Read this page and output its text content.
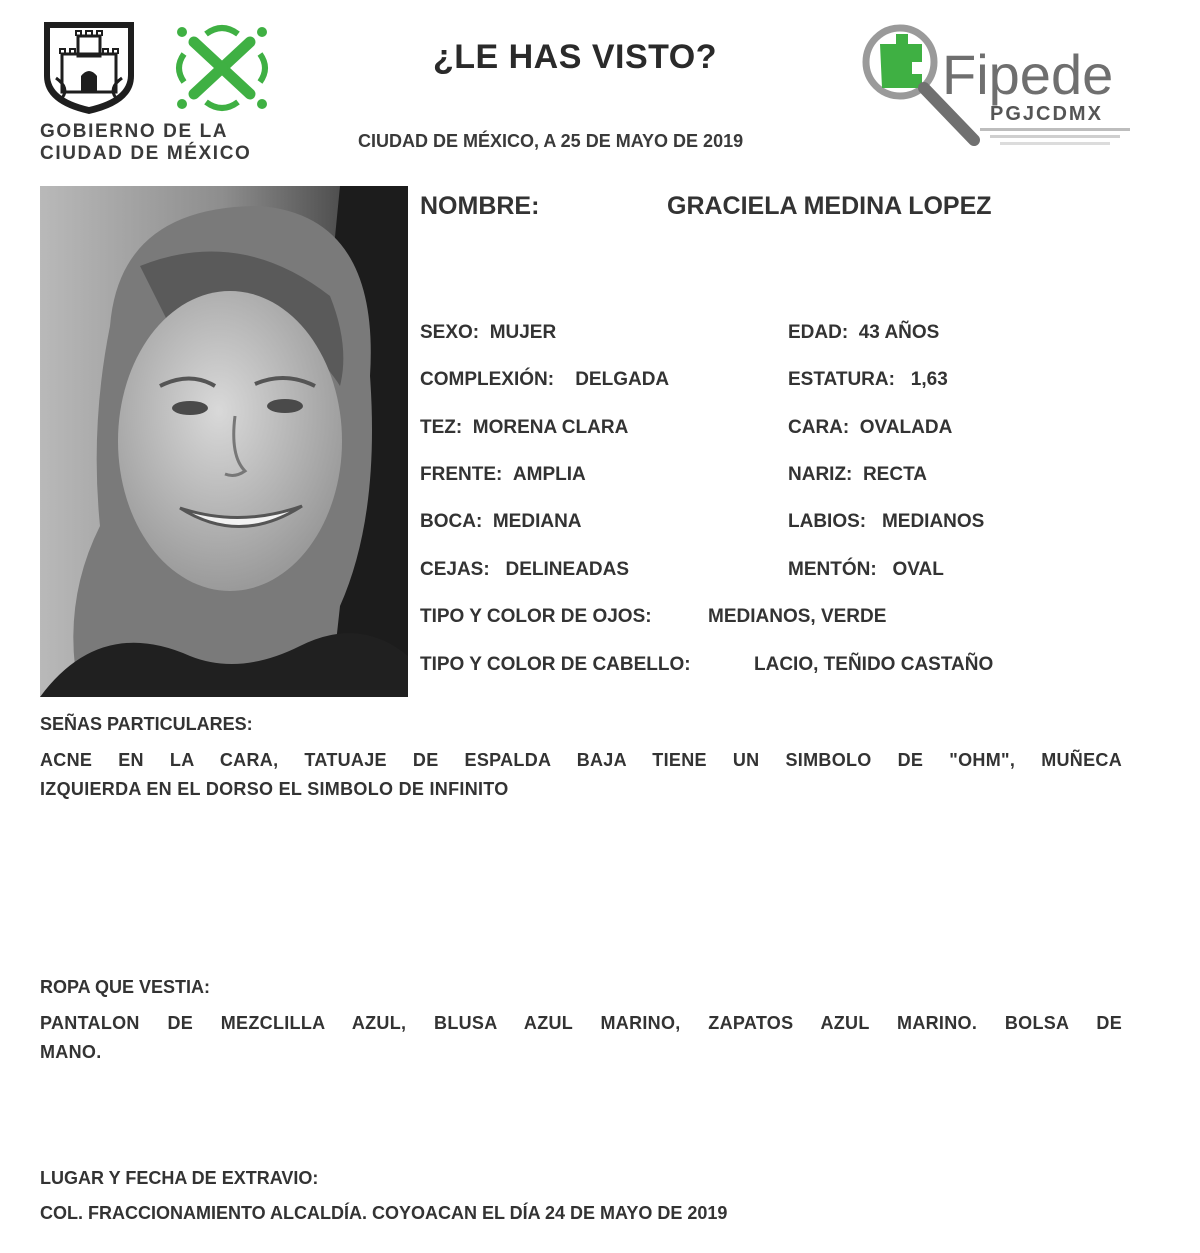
GOBIERNO DE LA
CIUDAD DE MÉXICO
¿LE HAS VISTO?
CIUDAD DE MÉXICO, A 25 DE MAYO DE 2019
Fipede
PGJCDMX
NOMBRE:	GRACIELA MEDINA LOPEZ
SEXO: MUJER	EDAD: 43 AÑOS
COMPLEXIÓN: DELGADA	ESTATURA: 1,63
TEZ: MORENA CLARA	CARA: OVALADA
FRENTE: AMPLIA	NARIZ: RECTA
BOCA: MEDIANA	LABIOS: MEDIANOS
CEJAS: DELINEADAS	MENTÓN: OVAL
TIPO Y COLOR DE OJOS:	MEDIANOS, VERDE
TIPO Y COLOR DE CABELLO:	LACIO, TEÑIDO CASTAÑO
SEÑAS PARTICULARES:
ACNE EN LA CARA, TATUAJE DE ESPALDA BAJA TIENE UN SIMBOLO DE "OHM", MUÑECA
IZQUIERDA EN EL DORSO EL SIMBOLO DE INFINITO
ROPA QUE VESTIA:
PANTALON DE MEZCLILLA AZUL, BLUSA AZUL MARINO, ZAPATOS AZUL MARINO. BOLSA DE
MANO.
LUGAR Y FECHA DE EXTRAVIO:
COL. FRACCIONAMIENTO ALCALDÍA. COYOACAN EL DÍA 24 DE MAYO DE 2019
